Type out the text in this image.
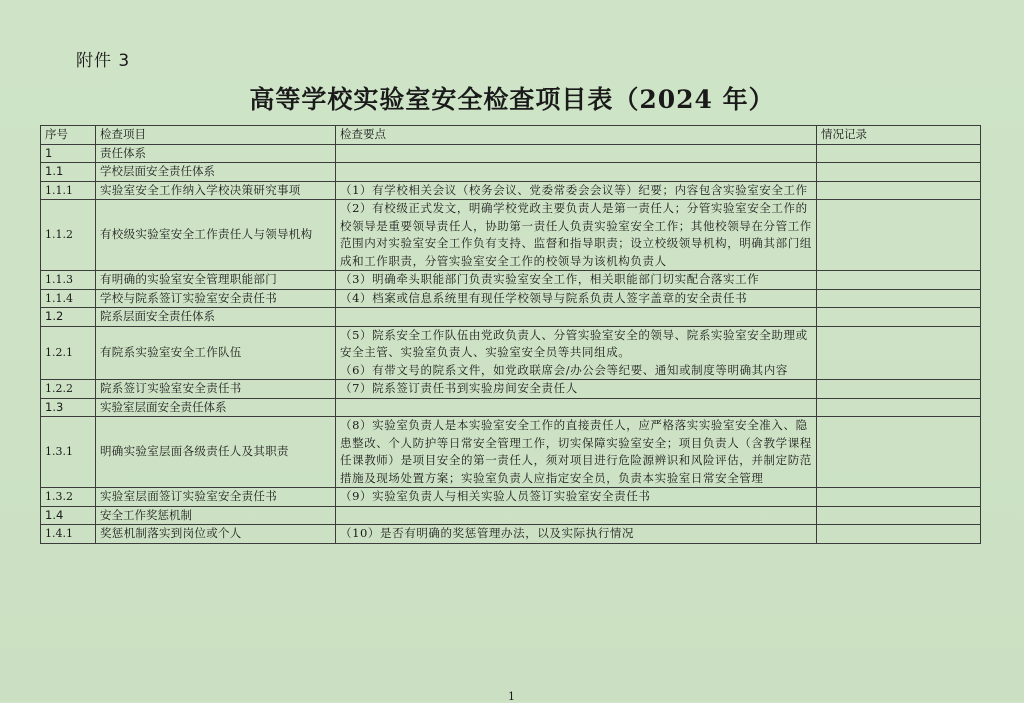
附件 3
高等学校实验室安全检查项目表（2024 年）
序号	检查项目	检查要点	情况记录
1	责任体系		
1.1	学校层面安全责任体系		
1.1.1	实验室安全工作纳入学校决策研究事项	（1）有学校相关会议（校务会议、党委常委会会议等）纪要；内容包含实验室安全工作	
1.1.2	有校级实验室安全工作责任人与领导机构	（2）有校级正式发文，明确学校党政主要负责人是第一责任人；分管实验室安全工作的校领导是重要领导责任人，协助第一责任人负责实验室安全工作；其他校领导在分管工作范围内对实验室安全工作负有支持、监督和指导职责；设立校级领导机构，明确其部门组成和工作职责，分管实验室安全工作的校领导为该机构负责人	
1.1.3	有明确的实验室安全管理职能部门	（3）明确牵头职能部门负责实验室安全工作，相关职能部门切实配合落实工作	
1.1.4	学校与院系签订实验室安全责任书	（4）档案或信息系统里有现任学校领导与院系负责人签字盖章的安全责任书	
1.2	院系层面安全责任体系		
1.2.1	有院系实验室安全工作队伍	（5）院系安全工作队伍由党政负责人、分管实验室安全的领导、院系实验室安全助理或安全主管、实验室负责人、实验室安全员等共同组成。
（6）有带文号的院系文件，如党政联席会/办公会等纪要、通知或制度等明确其内容	
1.2.2	院系签订实验室安全责任书	（7）院系签订责任书到实验房间安全责任人	
1.3	实验室层面安全责任体系		
1.3.1	明确实验室层面各级责任人及其职责	（8）实验室负责人是本实验室安全工作的直接责任人，应严格落实实验室安全准入、隐患整改、个人防护等日常安全管理工作，切实保障实验室安全；项目负责人（含教学课程任课教师）是项目安全的第一责任人，须对项目进行危险源辨识和风险评估，并制定防范措施及现场处置方案；实验室负责人应指定安全员，负责本实验室日常安全管理	
1.3.2	实验室层面签订实验室安全责任书	（9）实验室负责人与相关实验人员签订实验室安全责任书	
1.4	安全工作奖惩机制		
1.4.1	奖惩机制落实到岗位或个人	（10）是否有明确的奖惩管理办法，以及实际执行情况	
1
